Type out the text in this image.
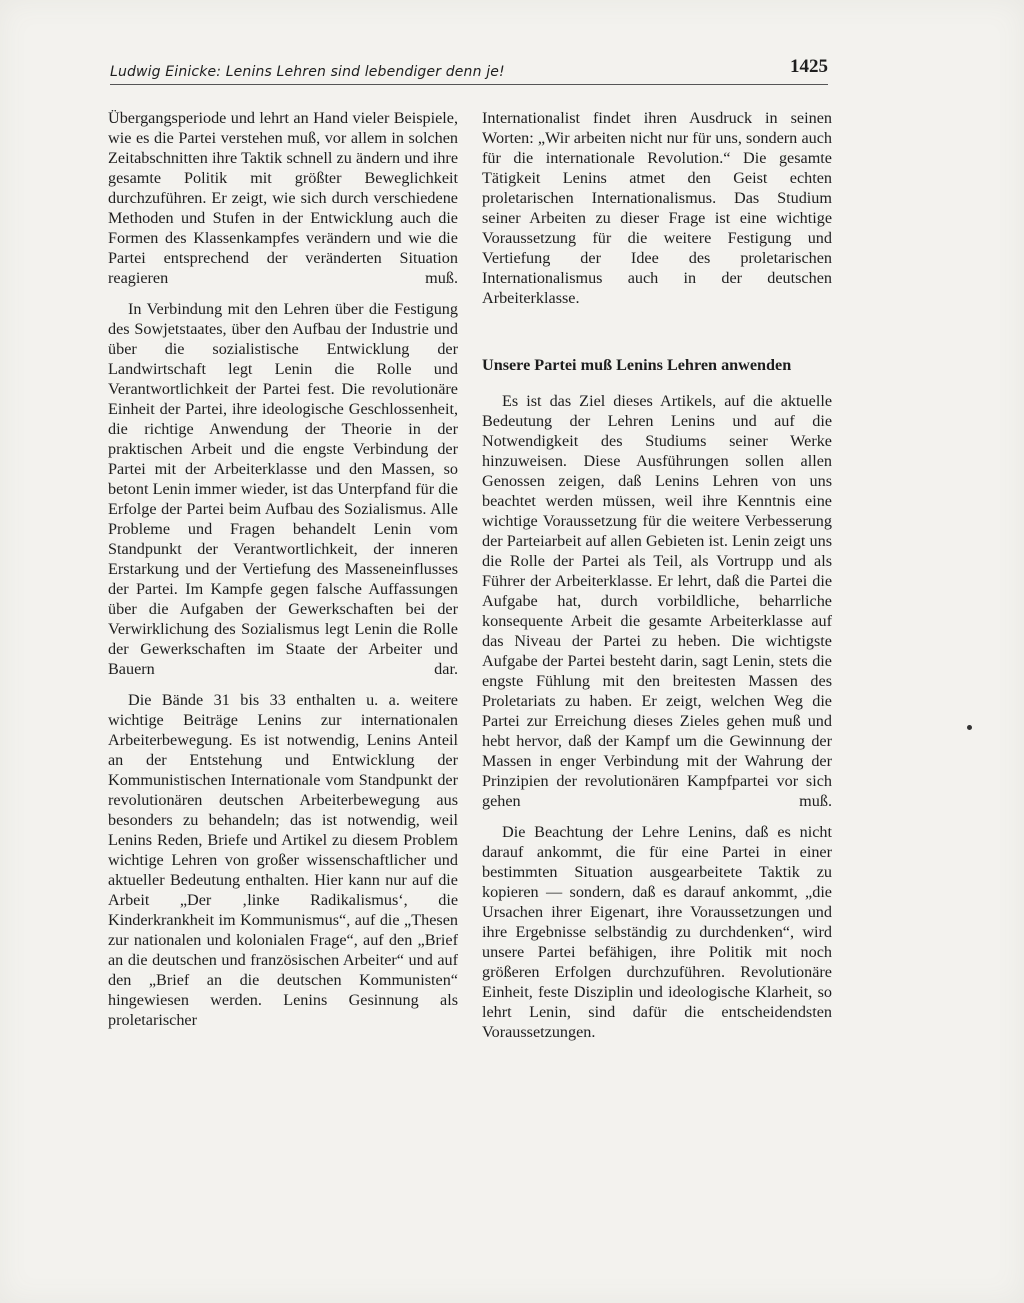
Ludwig Einicke: Lenins Lehren sind lebendiger denn je!	1425

Übergangsperiode und lehrt an Hand vieler Beispiele, wie es die Partei verstehen muß, vor allem in solchen Zeitabschnitten ihre Taktik schnell zu ändern und ihre gesamte Politik mit größter Beweglichkeit durchzuführen. Er zeigt, wie sich durch verschiedene Methoden und Stufen in der Entwicklung auch die Formen des Klassenkampfes verändern und wie die Partei entsprechend der veränderten Situation reagieren muß.

In Verbindung mit den Lehren über die Festigung des Sowjetstaates, über den Aufbau der Industrie und über die sozialistische Entwicklung der Landwirtschaft legt Lenin die Rolle und Verantwortlichkeit der Partei fest. Die revolutionäre Einheit der Partei, ihre ideologische Geschlossenheit, die richtige Anwendung der Theorie in der praktischen Arbeit und die engste Verbindung der Partei mit der Arbeiterklasse und den Massen, so betont Lenin immer wieder, ist das Unterpfand für die Erfolge der Partei beim Aufbau des Sozialismus. Alle Probleme und Fragen behandelt Lenin vom Standpunkt der Verantwortlichkeit, der inneren Erstarkung und der Vertiefung des Masseneinflusses der Partei. Im Kampfe gegen falsche Auffassungen über die Aufgaben der Gewerkschaften bei der Verwirklichung des Sozialismus legt Lenin die Rolle der Gewerkschaften im Staate der Arbeiter und Bauern dar.

Die Bände 31 bis 33 enthalten u. a. weitere wichtige Beiträge Lenins zur internationalen Arbeiterbewegung. Es ist notwendig, Lenins Anteil an der Entstehung und Entwicklung der Kommunistischen Internationale vom Standpunkt der revolutionären deutschen Arbeiterbewegung aus besonders zu behandeln; das ist notwendig, weil Lenins Reden, Briefe und Artikel zu diesem Problem wichtige Lehren von großer wissenschaftlicher und aktueller Bedeutung enthalten. Hier kann nur auf die Arbeit „Der ‚linke Radikalismus‘, die Kinderkrankheit im Kommunismus“, auf die „Thesen zur nationalen und kolonialen Frage“, auf den „Brief an die deutschen und französischen Arbeiter“ und auf den „Brief an die deutschen Kommunisten“ hingewiesen werden. Lenins Gesinnung als proletarischer

Internationalist findet ihren Ausdruck in seinen Worten: „Wir arbeiten nicht nur für uns, sondern auch für die internationale Revolution.“ Die gesamte Tätigkeit Lenins atmet den Geist echten proletarischen Internationalismus. Das Studium seiner Arbeiten zu dieser Frage ist eine wichtige Voraussetzung für die weitere Festigung und Vertiefung der Idee des proletarischen Internationalismus auch in der deutschen Arbeiterklasse.

Unsere Partei muß Lenins Lehren anwenden

Es ist das Ziel dieses Artikels, auf die aktuelle Bedeutung der Lehren Lenins und auf die Notwendigkeit des Studiums seiner Werke hinzuweisen. Diese Ausführungen sollen allen Genossen zeigen, daß Lenins Lehren von uns beachtet werden müssen, weil ihre Kenntnis eine wichtige Voraussetzung für die weitere Verbesserung der Parteiarbeit auf allen Gebieten ist. Lenin zeigt uns die Rolle der Partei als Teil, als Vortrupp und als Führer der Arbeiterklasse. Er lehrt, daß die Partei die Aufgabe hat, durch vorbildliche, beharrliche konsequente Arbeit die gesamte Arbeiterklasse auf das Niveau der Partei zu heben. Die wichtigste Aufgabe der Partei besteht darin, sagt Lenin, stets die engste Fühlung mit den breitesten Massen des Proletariats zu haben. Er zeigt, welchen Weg die Partei zur Erreichung dieses Zieles gehen muß und hebt hervor, daß der Kampf um die Gewinnung der Massen in enger Verbindung mit der Wahrung der Prinzipien der revolutionären Kampfpartei vor sich gehen muß.

Die Beachtung der Lehre Lenins, daß es nicht darauf ankommt, die für eine Partei in einer bestimmten Situation ausgearbeitete Taktik zu kopieren — sondern, daß es darauf ankommt, „die Ursachen ihrer Eigenart, ihre Voraussetzungen und ihre Ergebnisse selbständig zu durchdenken“, wird unsere Partei befähigen, ihre Politik mit noch größeren Erfolgen durchzuführen. Revolutionäre Einheit, feste Disziplin und ideologische Klarheit, so lehrt Lenin, sind dafür die entscheidendsten Voraussetzungen.
